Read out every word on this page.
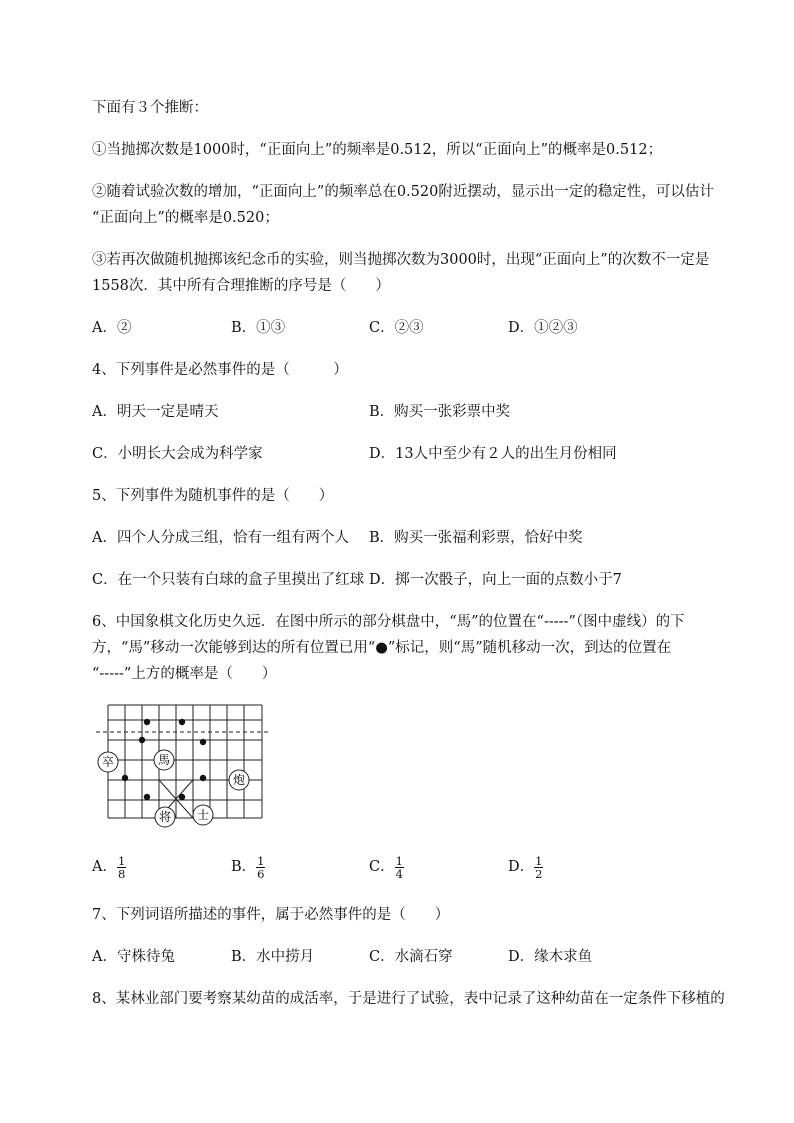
下面有３个推断：
①当抛掷次数是1000时，“正面向上”的频率是0.512，所以“正面向上”的概率是0.512；
②随着试验次数的增加，“正面向上”的频率总在0.520附近摆动，显示出一定的稳定性，可以估计
“正面向上”的概率是0.520；
③若再次做随机抛掷该纪念币的实验，则当抛掷次数为3000时，出现“正面向上”的次数不一定是
1558次．其中所有合理推断的序号是（　　）
A．②	B．①③	C．②③	D．①②③
4、下列事件是必然事件的是（　　　）
A．明天一定是晴天	B．购买一张彩票中奖
C．小明长大会成为科学家	D．13人中至少有２人的出生月份相同
5、下列事件为随机事件的是（　　）
A．四个人分成三组，恰有一组有两个人 B．购买一张福利彩票，恰好中奖
C．在一个只装有白球的盒子里摸出了红球 D．掷一次骰子，向上一面的点数小于7
6、中国象棋文化历史久远．在图中所示的部分棋盘中，“馬”的位置在“-----”（图中虚线）的下
方，“馬”移动一次能够到达的所有位置已用“●”标记，则“馬”随机移动一次，到达的位置在
“-----”上方的概率是（　　）
卒	馬
炮
将 士
A． $\frac{1}{8}$	B． $\frac{1}{6}$	C． $\frac{1}{4}$	D． $\frac{1}{2}$
7、下列词语所描述的事件，属于必然事件的是（　　）
A．守株待兔	B．水中捞月	C．水滴石穿	D．缘木求鱼
8、某林业部门要考察某幼苗的成活率，于是进行了试验，表中记录了这种幼苗在一定条件下移植的
